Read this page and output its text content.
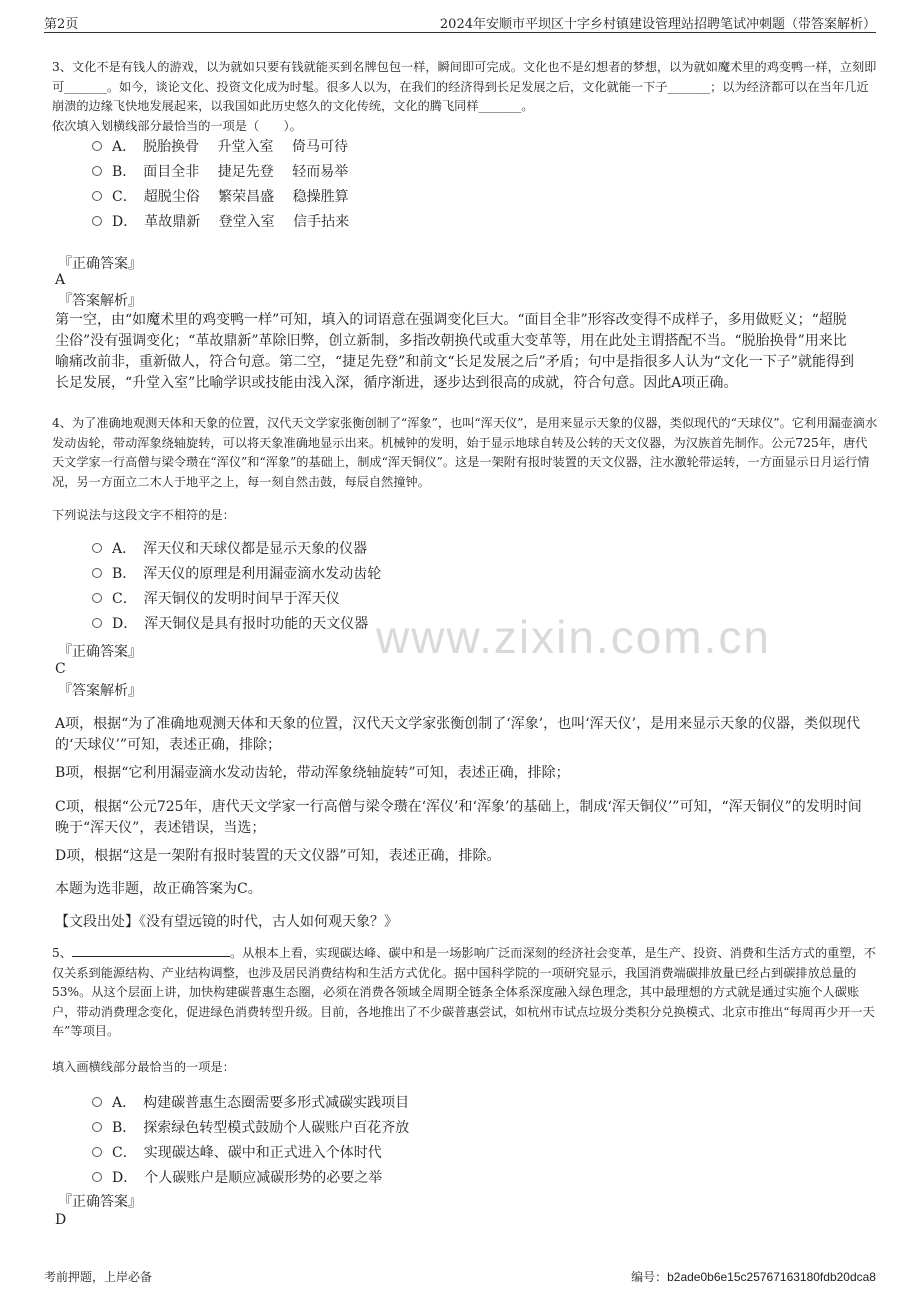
第2页	2024年安顺市平坝区十字乡村镇建设管理站招聘笔试冲刺题（带答案解析）
www.zixin.com.cn
3、文化不是有钱人的游戏，以为就如只要有钱就能买到名牌包包一样，瞬间即可完成。文化也不是幻想者的梦想，以为就如魔术里的鸡变鸭一样，立刻即可_______。如今，谈论文化、投资文化成为时髦。很多人以为，在我们的经济得到长足发展之后，文化就能一下子_______；以为经济都可以在当年几近崩溃的边缘飞快地发展起来，以我国如此历史悠久的文化传统，文化的腾飞同样_______。
依次填入划横线部分最恰当的一项是（　　）。
A．　脱胎换骨　 升堂入室　 倚马可待
B．　面目全非　 捷足先登　 轻而易举
C．　超脱尘俗　 繁荣昌盛　 稳操胜算
D．　革故鼎新　 登堂入室　 信手拈来
『正确答案』
A
『答案解析』
第一空，由“如魔术里的鸡变鸭一样”可知，填入的词语意在强调变化巨大。“面目全非”形容改变得不成样子，多用做贬义；“超脱尘俗”没有强调变化；“革故鼎新”革除旧弊，创立新制，多指改朝换代或重大变革等，用在此处主谓搭配不当。“脱胎换骨”用来比喻痛改前非，重新做人，符合句意。第二空，“捷足先登”和前文“长足发展之后”矛盾；句中是指很多人认为“文化一下子”就能得到长足发展，“升堂入室”比喻学识或技能由浅入深，循序渐进，逐步达到很高的成就，符合句意。因此A项正确。
4、为了准确地观测天体和天象的位置，汉代天文学家张衡创制了“浑象”，也叫“浑天仪”，是用来显示天象的仪器，类似现代的“天球仪”。它利用漏壶滴水发动齿轮，带动浑象绕轴旋转，可以将天象准确地显示出来。机械钟的发明，始于显示地球自转及公转的天文仪器，为汉族首先制作。公元725年，唐代天文学家一行高僧与梁令瓒在“浑仪”和“浑象”的基础上，制成“浑天铜仪”。这是一架附有报时装置的天文仪器，注水激轮带运转，一方面显示日月运行情况，另一方面立二木人于地平之上，每一刻自然击鼓，每辰自然撞钟。
下列说法与这段文字不相符的是：
A．　浑天仪和天球仪都是显示天象的仪器
B．　浑天仪的原理是利用漏壶滴水发动齿轮
C．　浑天铜仪的发明时间早于浑天仪
D．　浑天铜仪是具有报时功能的天文仪器
『正确答案』
C
『答案解析』
A项，根据“为了准确地观测天体和天象的位置，汉代天文学家张衡创制了‘浑象’，也叫‘浑天仪’，是用来显示天象的仪器，类似现代的‘天球仪’”可知，表述正确，排除；
B项，根据“它利用漏壶滴水发动齿轮，带动浑象绕轴旋转”可知，表述正确，排除；
C项，根据“公元725年，唐代天文学家一行高僧与梁令瓒在‘浑仪’和‘浑象’的基础上，制成‘浑天铜仪’”可知，“浑天铜仪”的发明时间晚于“浑天仪”，表述错误，当选；
D项，根据“这是一架附有报时装置的天文仪器”可知，表述正确，排除。
本题为选非题，故正确答案为C。
【文段出处】《没有望远镜的时代，古人如何观天象？》
5、	。从根本上看，实现碳达峰、碳中和是一场影响广泛而深刻的经济社会变革，是生产、投资、消费和生活方式的重塑，不仅关系到能源结构、产业结构调整，也涉及居民消费结构和生活方式优化。据中国科学院的一项研究显示，我国消费端碳排放量已经占到碳排放总量的53%。从这个层面上讲，加快构建碳普惠生态圈，必须在消费各领域全周期全链条全体系深度融入绿色理念，其中最理想的方式就是通过实施个人碳账户，带动消费理念变化，促进绿色消费转型升级。目前，各地推出了不少碳普惠尝试，如杭州市试点垃圾分类积分兑换模式、北京市推出“每周再少开一天车”等项目。
填入画横线部分最恰当的一项是：
A．　构建碳普惠生态圈需要多形式减碳实践项目
B．　探索绿色转型模式鼓励个人碳账户百花齐放
C．　实现碳达峰、碳中和正式进入个体时代
D．　个人碳账户是顺应减碳形势的必要之举
『正确答案』
D
考前押题，上岸必备	编号：b2ade0b6e15c25767163180fdb20dca8
